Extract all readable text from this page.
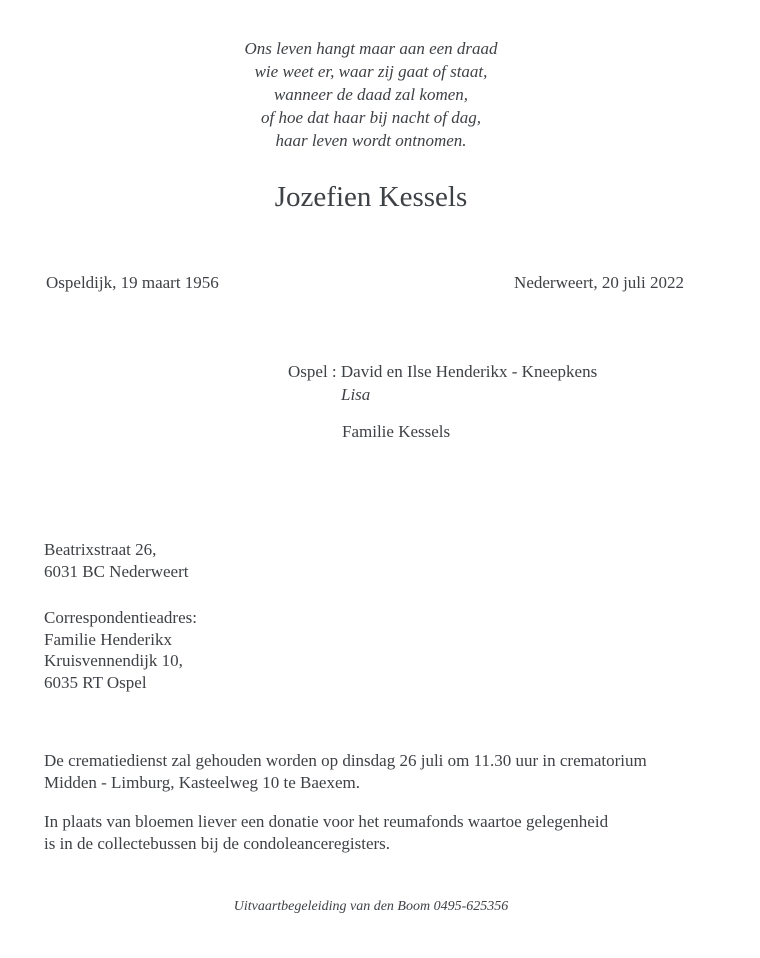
Ons leven hangt maar aan een draad
wie weet er, waar zij gaat of staat,
wanneer de daad zal komen,
of hoe dat haar bij nacht of dag,
haar leven wordt ontnomen.
Jozefien Kessels
Ospeldijk, 19 maart 1956	Nederweert, 20 juli 2022
Ospel : David en Ilse Henderikx - Kneepkens
Lisa
Familie Kessels
Beatrixstraat 26,
6031 BC Nederweert
Correspondentieadres:
Familie Henderikx
Kruisvennendijk 10,
6035 RT Ospel
De crematiedienst zal gehouden worden op dinsdag 26 juli om 11.30 uur in crematorium
Midden - Limburg, Kasteelweg 10 te Baexem.
In plaats van bloemen liever een donatie voor het reumafonds waartoe gelegenheid
is in de collectebussen bij de condoleanceregisters.
Uitvaartbegeleiding van den Boom 0495-625356
